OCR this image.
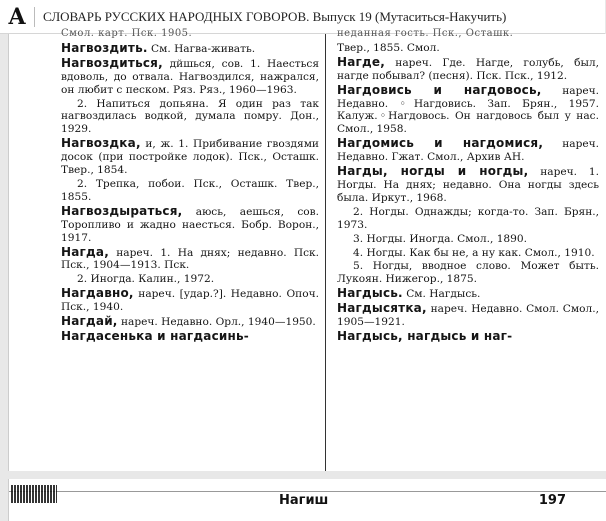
A СЛОВАРЬ РУССКИХ НАРОДНЫХ ГОВОРОВ. Выпуск 19 (Мутаситься-Накучить)
Смол. карт. Пск. 1905.
Нагвоздить. См. Нагва-живать.
Нагвоздиться, дйшься, сов. 1. Наесться вдоволь, до отвала. Нагвоздился, нажрался, он любит с песком. Ряз. Ряз., 1960—1963.
2. Напиться допьяна. Я один раз так нагвоздилась водкой, думала помру. Дон., 1929.
Нагвоздка, и, ж. 1. Прибивание гвоздями досок (при постройке лодок). Пск., Осташк. Твер., 1854.
2. Трепка, побои. Пск., Осташк. Твер., 1855.
Нагвоздыраться, аюсь, аешься, сов. Торопливо и жадно наесться. Бобр. Ворон., 1917.
Нагда, нареч. 1. На днях; недавно. Пск. Пск., 1904—1913. Пск.
2. Иногда. Калин., 1972.
Нагдавно, нареч. [удар.?]. Недавно. Опоч. Пск., 1940.
Нагдай, нареч. Недавно. Орл., 1940—1950.
Нагдасенька и нагдасинь-
неданная гость. Пск., Осташк.
Твер., 1855. Смол.
Нагде, нареч. Где. Нагде, голубь, был, нагде побывал? (песня). Пск. Пск., 1912.
Нагдовись и нагдовось, нареч. Недавно. ◦Нагдовись. Зап. Брян., 1957. Калуж.◦Нагдовось. Он нагдовось был у нас. Смол., 1958.
Нагдомись и нагдомися, нареч. Недавно. Гжат. Смол., Архив АН.
Нагды, ногды и ногды, нареч. 1. Ногды. На днях; недавно. Она ногды здесь была. Иркут., 1968.
2. Ногды. Однажды; когда-то. Зап. Брян., 1973.
3. Ногды. Иногда. Смол., 1890.
4. Ногды. Как бы не, а ну как. Смол., 1910.
5. Ногды, вводное слово. Может быть. Лукоян. Нижегор., 1875.
Нагдысь. См. Нагдысь.
Нагдысятка, нареч. Недавно. Смол. Смол., 1905—1921.
Нагдысь, нагдысь и наг-
Нагиш	197
